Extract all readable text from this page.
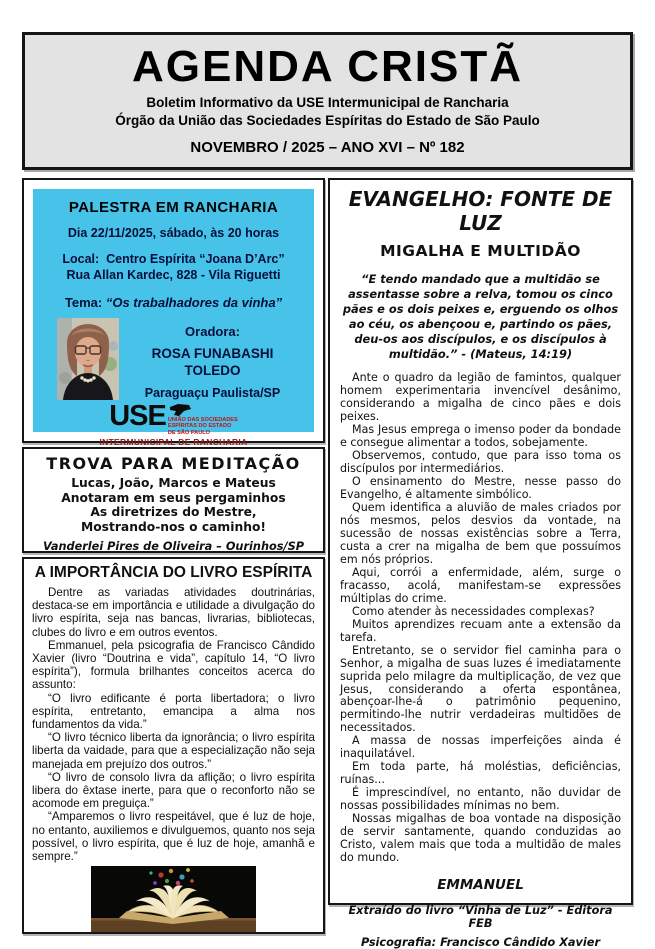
AGENDA CRISTÃ
Boletim Informativo da USE Intermunicipal de Rancharia
Órgão da União das Sociedades Espíritas do Estado de São Paulo
NOVEMBRO / 2025 – ANO XVI – Nº 182
PALESTRA EM RANCHARIA
Dia 22/11/2025, sábado, às 20 horas
Local:  Centro Espírita “Joana D’Arc”
Rua Allan Kardec, 828 - Vila Riguetti
Tema: “Os trabalhadores da vinha”
Oradora:
ROSA FUNABASHI TOLEDO
Paraguaçu Paulista/SP
USE UNIÃO DAS SOCIEDADES
ESPÍRITAS DO ESTADO
DE SÃO PAULO
INTERMUNICIPAL DE RANCHARIA
TROVA PARA MEDITAÇÃO
Lucas, João, Marcos e Mateus
Anotaram em seus pergaminhos
As diretrizes do Mestre,
Mostrando-nos o caminho!
Vanderlei Pires de Oliveira – Ourinhos/SP
A IMPORTÂNCIA DO LIVRO ESPÍRITA

Dentre as variadas atividades doutrinárias, destaca-se em importância e utilidade a divulgação do livro espírita, seja nas bancas, livrarias, bibliotecas, clubes do livro e em outros eventos.

Emmanuel, pela psicografia de Francisco Cândido Xavier (livro “Doutrina e vida”, capítulo 14, “O livro espírita”), formula brilhantes conceitos acerca do assunto:

“O livro edificante é porta libertadora; o livro espírita, entretanto, emancipa a alma nos fundamentos da vida.”

“O livro técnico liberta da ignorância; o livro espírita liberta da vaidade, para que a especialização não seja manejada em prejuízo dos outros.”

“O livro de consolo livra da aflição; o livro espírita libera do êxtase inerte, para que o reconforto não se acomode em preguiça.”

“Amparemos o livro respeitável, que é luz de hoje, no entanto, auxiliemos e divulguemos, quanto nos seja possível, o livro espírita, que é luz de hoje, amanhã e sempre.”

EVANGELHO: FONTE DE LUZ
MIGALHA E MULTIDÃO
“E tendo mandado que a multidão se assentasse sobre a relva, tomou os cinco pães e os dois peixes e, erguendo os olhos ao céu, os abençoou e, partindo os pães, deu-os aos discípulos, e os discípulos à multidão.” - (Mateus, 14:19)

Ante o quadro da legião de famintos, qualquer homem experimentaria invencível desânimo, considerando a migalha de cinco pães e dois peixes.

Mas Jesus emprega o imenso poder da bondade e consegue alimentar a todos, sobejamente.

Observemos, contudo, que para isso toma os discípulos por intermediários.

O ensinamento do Mestre, nesse passo do Evangelho, é altamente simbólico.

Quem identifica a aluvião de males criados por nós mesmos, pelos desvios da vontade, na sucessão de nossas existências sobre a Terra, custa a crer na migalha de bem que possuímos em nós próprios.

Aqui, corrói a enfermidade, além, surge o fracasso, acolá, manifestam-se expressões múltiplas do crime.

Como atender às necessidades complexas?

Muitos aprendizes recuam ante a extensão da tarefa.

Entretanto, se o servidor fiel caminha para o Senhor, a migalha de suas luzes é imediatamente suprida pelo milagre da multiplicação, de vez que Jesus, considerando a oferta espontânea, abençoar-lhe-á o patrimônio pequenino, permitindo-lhe nutrir verdadeiras multidões de necessitados.

A massa de nossas imperfeições ainda é inaquilatável.

Em toda parte, há moléstias, deficiências, ruínas...

É imprescindível, no entanto, não duvidar de nossas possibilidades mínimas no bem.

Nossas migalhas de boa vontade na disposição de servir santamente, quando conduzidas ao Cristo, valem mais que toda a multidão de males do mundo.

EMMANUEL
Extraído do livro “Vinha de Luz” - Editora FEB
Psicografia: Francisco Cândido Xavier
